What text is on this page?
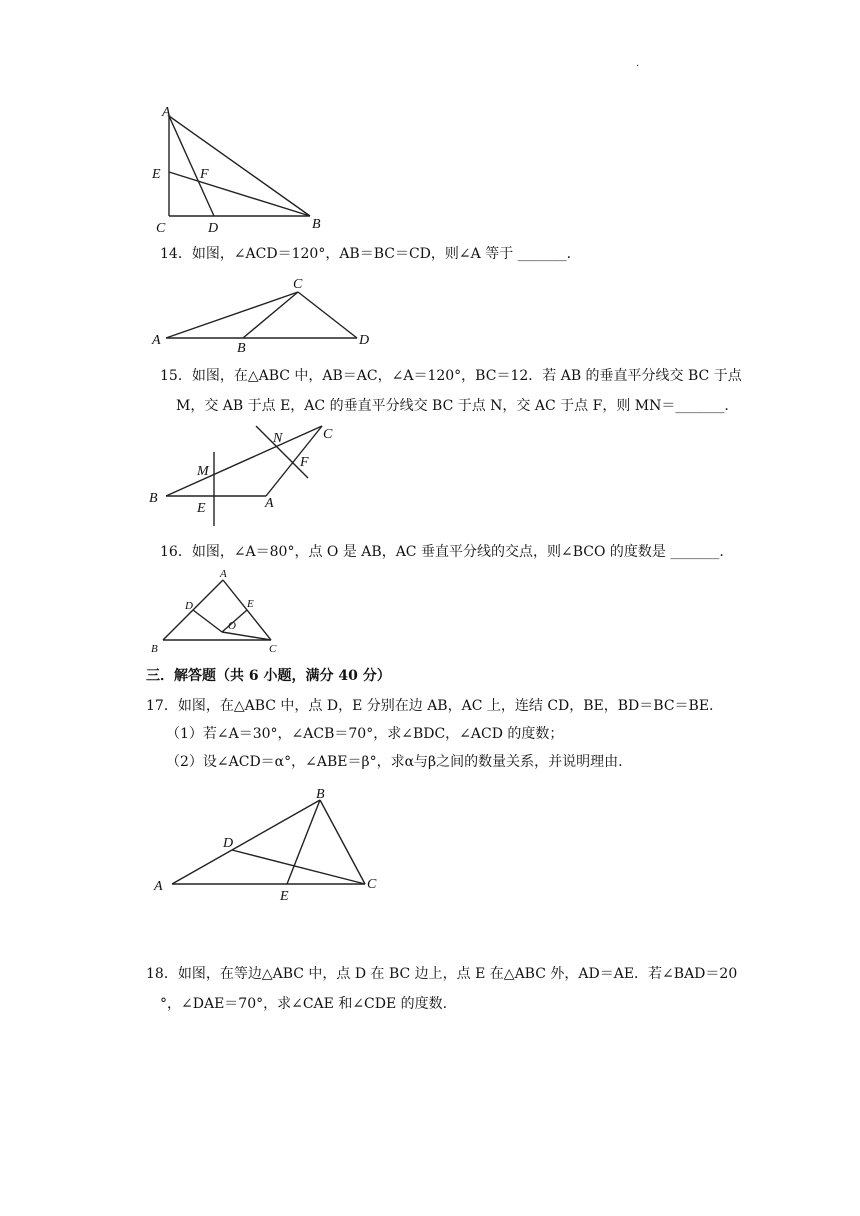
.
A
E	F
C	D	B
14．如图，∠ACD＝120°，AB＝BC＝CD，则∠A 等于 _______.
C
A
B
D
15．如图，在△ABC 中，AB＝AC，∠A＝120°，BC＝12．若 AB 的垂直平分线交 BC 于点
M，交 AB 于点 E，AC 的垂直平分线交 BC 于点 N，交 AC 于点 F，则 MN＝_______.
N	C
M
F
B
E	A
16．如图，∠A＝80°，点 O 是 AB，AC 垂直平分线的交点，则∠BCO 的度数是 _______.
A
D	E
O
B	C
三．解答题（共 6 小题，满分 40 分）
17．如图，在△ABC 中，点 D，E 分别在边 AB，AC 上，连结 CD，BE，BD＝BC＝BE.
（1）若∠A＝30°，∠ACB＝70°，求∠BDC，∠ACD 的度数；
（2）设∠ACD＝α°，∠ABE＝β°，求α与β之间的数量关系，并说明理由.
B
D
A
E
C
18．如图，在等边△ABC 中，点 D 在 BC 边上，点 E 在△ABC 外，AD＝AE．若∠BAD＝20
°，∠DAE＝70°，求∠CAE 和∠CDE 的度数.
